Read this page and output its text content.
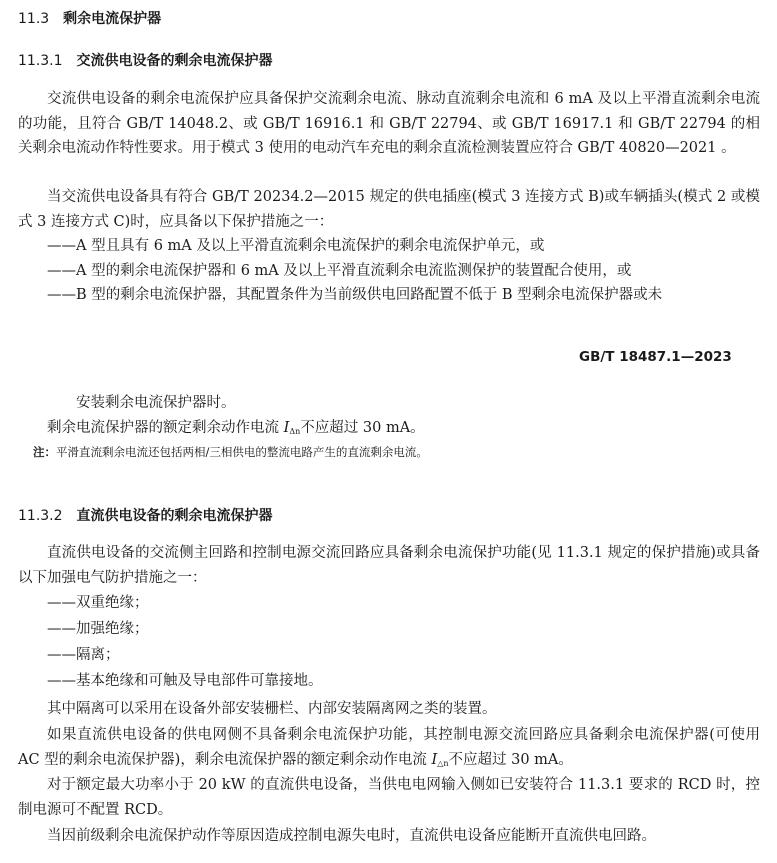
11.3 剩余电流保护器
11.3.1 交流供电设备的剩余电流保护器

交流供电设备的剩余电流保护应具备保护交流剩余电流、脉动直流剩余电流和 6 mA 及以上平滑直流剩余电流的功能，且符合 GB/T 14048.2、或 GB/T 16916.1 和 GB/T 22794、或 GB/T 16917.1 和 GB/T 22794 的相关剩余电流动作特性要求。用于模式 3 使用的电动汽车充电的剩余直流检测装置应符合 GB/T 40820—2021 。

当交流供电设备具有符合 GB/T 20234.2—2015 规定的供电插座(模式 3 连接方式 B)或车辆插头(模式 2 或模式 3 连接方式 C)时，应具备以下保护措施之一：

——A 型且具有 6 mA 及以上平滑直流剩余电流保护的剩余电流保护单元，或
——A 型的剩余电流保护器和 6 mA 及以上平滑直流剩余电流监测保护的装置配合使用，或
——B 型的剩余电流保护器，其配置条件为当前级供电回路配置不低于 B 型剩余电流保护器或未
GB/T 18487.1—2023
安装剩余电流保护器时。
剩余电流保护器的额定剩余动作电流 $I_{\Delta n}$不应超过 30 mA。
注：平滑直流剩余电流还包括两相/三相供电的整流电路产生的直流剩余电流。
11.3.2 直流供电设备的剩余电流保护器

直流供电设备的交流侧主回路和控制电源交流回路应具备剩余电流保护功能(见 11.3.1 规定的保护措施)或具备以下加强电气防护措施之一：

——双重绝缘；
——加强绝缘；
——隔离；
——基本绝缘和可触及导电部件可靠接地。
其中隔离可以采用在设备外部安装栅栏、内部安装隔离网之类的装置。

如果直流供电设备的供电网侧不具备剩余电流保护功能，其控制电源交流回路应具备剩余电流保护器(可使用 AC 型的剩余电流保护器)，剩余电流保护器的额定剩余动作电流 $I_{\triangle n}$不应超过 30 mA。

对于额定最大功率小于 20 kW 的直流供电设备，当供电电网输入侧如已安装符合 11.3.1 要求的 RCD 时，控制电源可不配置 RCD。

当因前级剩余电流保护动作等原因造成控制电源失电时，直流供电设备应能断开直流供电回路。
